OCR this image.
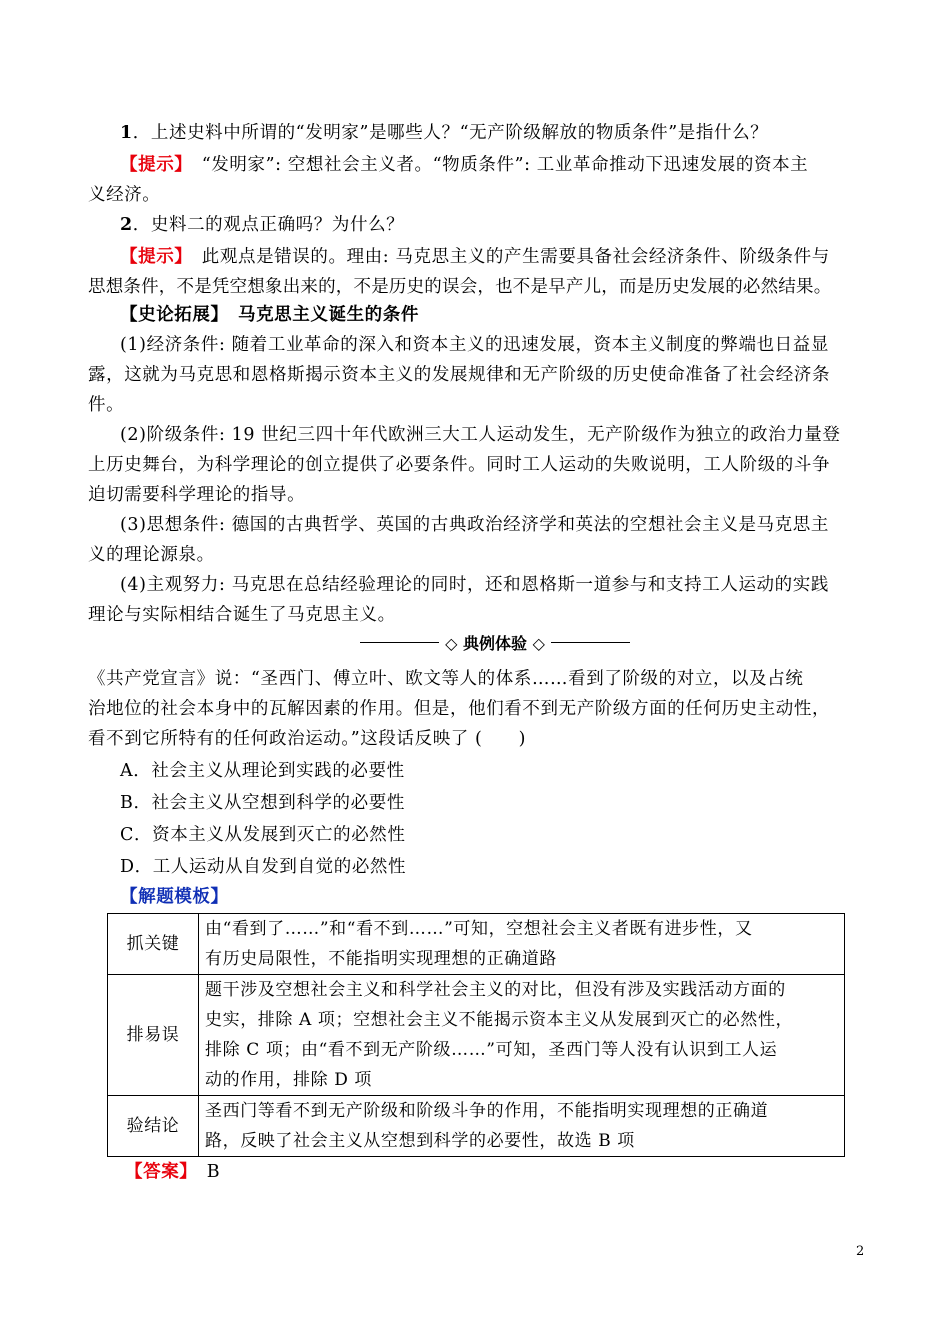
1．上述史料中所谓的“发明家”是哪些人？“无产阶级解放的物质条件”是指什么？
【提示】　 “发明家”: 空想社会主义者。“物质条件”: 工业革命推动下迅速发展的资本主
义经济。
2．史料二的观点正确吗？为什么？
【提示】　 此观点是错误的。理由: 马克思主义的产生需要具备社会经济条件、阶级条件与
思想条件，不是凭空想象出来的，不是历史的误会，也不是早产儿，而是历史发展的必然结果。
【史论拓展】　 马克思主义诞生的条件
(1)经济条件: 随着工业革命的深入和资本主义的迅速发展，资本主义制度的弊端也日益显
露，这就为马克思和恩格斯揭示资本主义的发展规律和无产阶级的历史使命准备了社会经济条
件。
(2)阶级条件: 19 世纪三四十年代欧洲三大工人运动发生，无产阶级作为独立的政治力量登
上历史舞台，为科学理论的创立提供了必要条件。同时工人运动的失败说明，工人阶级的斗争
迫切需要科学理论的指导。
(3)思想条件: 德国的古典哲学、英国的古典政治经济学和英法的空想社会主义是马克思主
义的理论源泉。
(4)主观努力: 马克思在总结经验理论的同时，还和恩格斯一道参与和支持工人运动的实践
理论与实际相结合诞生了马克思主义。
◇ 典例体验 ◇
《共产党宣言》说：“圣西门、傅立叶、欧文等人的体系……看到了阶级的对立，以及占统
治地位的社会本身中的瓦解因素的作用。但是，他们看不到无产阶级方面的任何历史主动性，
看不到它所特有的任何政治运动。”这段话反映了 (　　)
A．社会主义从理论到实践的必要性
B．社会主义从空想到科学的必要性
C．资本主义从发展到灭亡的必然性
D．工人运动从自发到自觉的必然性
【解题模板】
抓关键	由“看到了……”和“看不到……”可知，空想社会主义者既有进步性，又
有历史局限性，不能指明实现理想的正确道路

排易误	题干涉及空想社会主义和科学社会主义的对比，但没有涉及实践活动方面的
史实，排除 A 项；空想社会主义不能揭示资本主义从发展到灭亡的必然性，
排除 C 项；由“看不到无产阶级……”可知，圣西门等人没有认识到工人运
动的作用，排除 D 项

验结论	圣西门等看不到无产阶级和阶级斗争的作用，不能指明实现理想的正确道
路，反映了社会主义从空想到科学的必要性，故选 B 项
【答案】　 B
2
